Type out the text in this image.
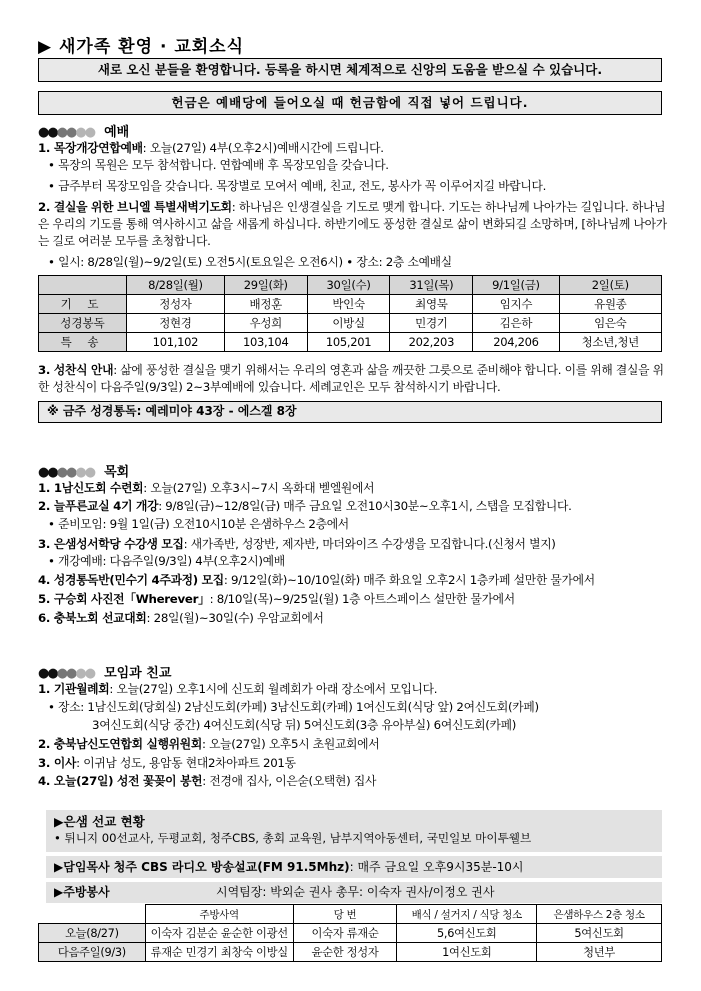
▶ 새가족 환영 · 교회소식
새로 오신 분들을 환영합니다. 등록을 하시면 체계적으로 신앙의 도움을 받으실 수 있습니다.
헌금은 예배당에 들어오실 때 헌금함에 직접 넣어 드립니다.
●●●●●● 예배
1. 목장개강연합예배: 오늘(27일) 4부(오후2시)예배시간에 드립니다.
• 목장의 목원은 모두 참석합니다. 연합예배 후 목장모임을 갖습니다.
• 금주부터 목장모임을 갖습니다. 목장별로 모여서 예배, 친교, 전도, 봉사가 꼭 이루어지길 바랍니다.
2. 결실을 위한 브니엘 특별새벽기도회: 하나님은 인생결실을 기도로 맺게 합니다. 기도는 하나님께 나아가는 길입니다. 하나님은 우리의 기도를 통해 역사하시고 삶을 새롭게 하십니다. 하반기에도 풍성한 결실로 삶이 변화되길 소망하며, [하나님께 나아가는 길로 여러분 모두를 초청합니다.
• 일시: 8/28일(월)~9/2일(토) 오전5시(토요일은 오전6시) • 장소: 2층 소예배실
	8/28일(월)	29일(화)	30일(수)	31일(목)	9/1일(금)	2일(토)
기 도	정성자	배정훈	박인숙	최영묵	임지수	유원종
성경봉독	정현경	우성희	이방실	민경기	김은하	임은숙
특 송	101,102	103,104	105,201	202,203	204,206	청소년,청년
3. 성찬식 안내: 삶에 풍성한 결실을 맺기 위해서는 우리의 영혼과 삶을 깨끗한 그릇으로 준비해야 합니다. 이를 위해 결실을 위한 성찬식이 다음주일(9/3일) 2~3부예배에 있습니다. 세례교인은 모두 참석하시기 바랍니다.
※ 금주 성경통독: 예레미야 43장 - 에스겔 8장
●●●●●● 목회
1. 1남신도회 수련회: 오늘(27일) 오후3시~7시 옥화대 벧엘원에서
2. 늘푸른교실 4기 개강: 9/8일(금)~12/8일(금) 매주 금요일 오전10시30분~오후1시, 스탭을 모집합니다.
• 준비모임: 9월 1일(금) 오전10시10분 은샘하우스 2층에서
3. 은샘성서학당 수강생 모집: 새가족반, 성장반, 제자반, 마더와이즈 수강생을 모집합니다.(신청서 별지)
• 개강예배: 다음주일(9/3일) 4부(오후2시)예배
4. 성경통독반(민수기 4주과정) 모집: 9/12일(화)~10/10일(화) 매주 화요일 오후2시 1층카페 설만한 물가에서
5. 구승회 사진전「Wherever」: 8/10일(목)~9/25일(월) 1층 아트스페이스 설만한 물가에서
6. 충북노회 선교대회: 28일(월)~30일(수) 우암교회에서
●●●●●● 모임과 친교
1. 기관월례회: 오늘(27일) 오후1시에 신도회 월례회가 아래 장소에서 모입니다.
• 장소: 1남신도회(당회실) 2남신도회(카페) 3남신도회(카페) 1여신도회(식당 앞) 2여신도회(카페)
3여신도회(식당 중간) 4여신도회(식당 뒤) 5여신도회(3층 유아부실) 6여신도회(카페)
2. 충북남신도연합회 실행위원회: 오늘(27일) 오후5시 초원교회에서
3. 이사: 이귀남 성도, 용암동 현대2차아파트 201동
4. 오늘(27일) 성전 꽃꽂이 봉헌: 전경애 집사, 이은숟(오택현) 집사
▶은샘 선교 현황
• 튀니지 00선교사, 두평교회, 청주CBS, 총회 교육원, 남부지역아동센터, 국민일보 마이투웰브
▶담임목사 청주 CBS 라디오 방송설교(FM 91.5Mhz): 매주 금요일 오후9시35분-10시
▶주방봉사	시역팀장: 박외순 권사 총무: 이숙자 권사/이정오 권사
	주방사역	당 번	배식 / 설거지 / 식당 청소	은샘하우스 2층 청소
오늘(8/27)	이숙자 김분순 윤순한 이광선	이숙자 류재순	5,6여신도회	5여신도회
다음주일(9/3)	류재순 민경기 최창숙 이방실	윤순한 정성자	1여신도회	청년부
